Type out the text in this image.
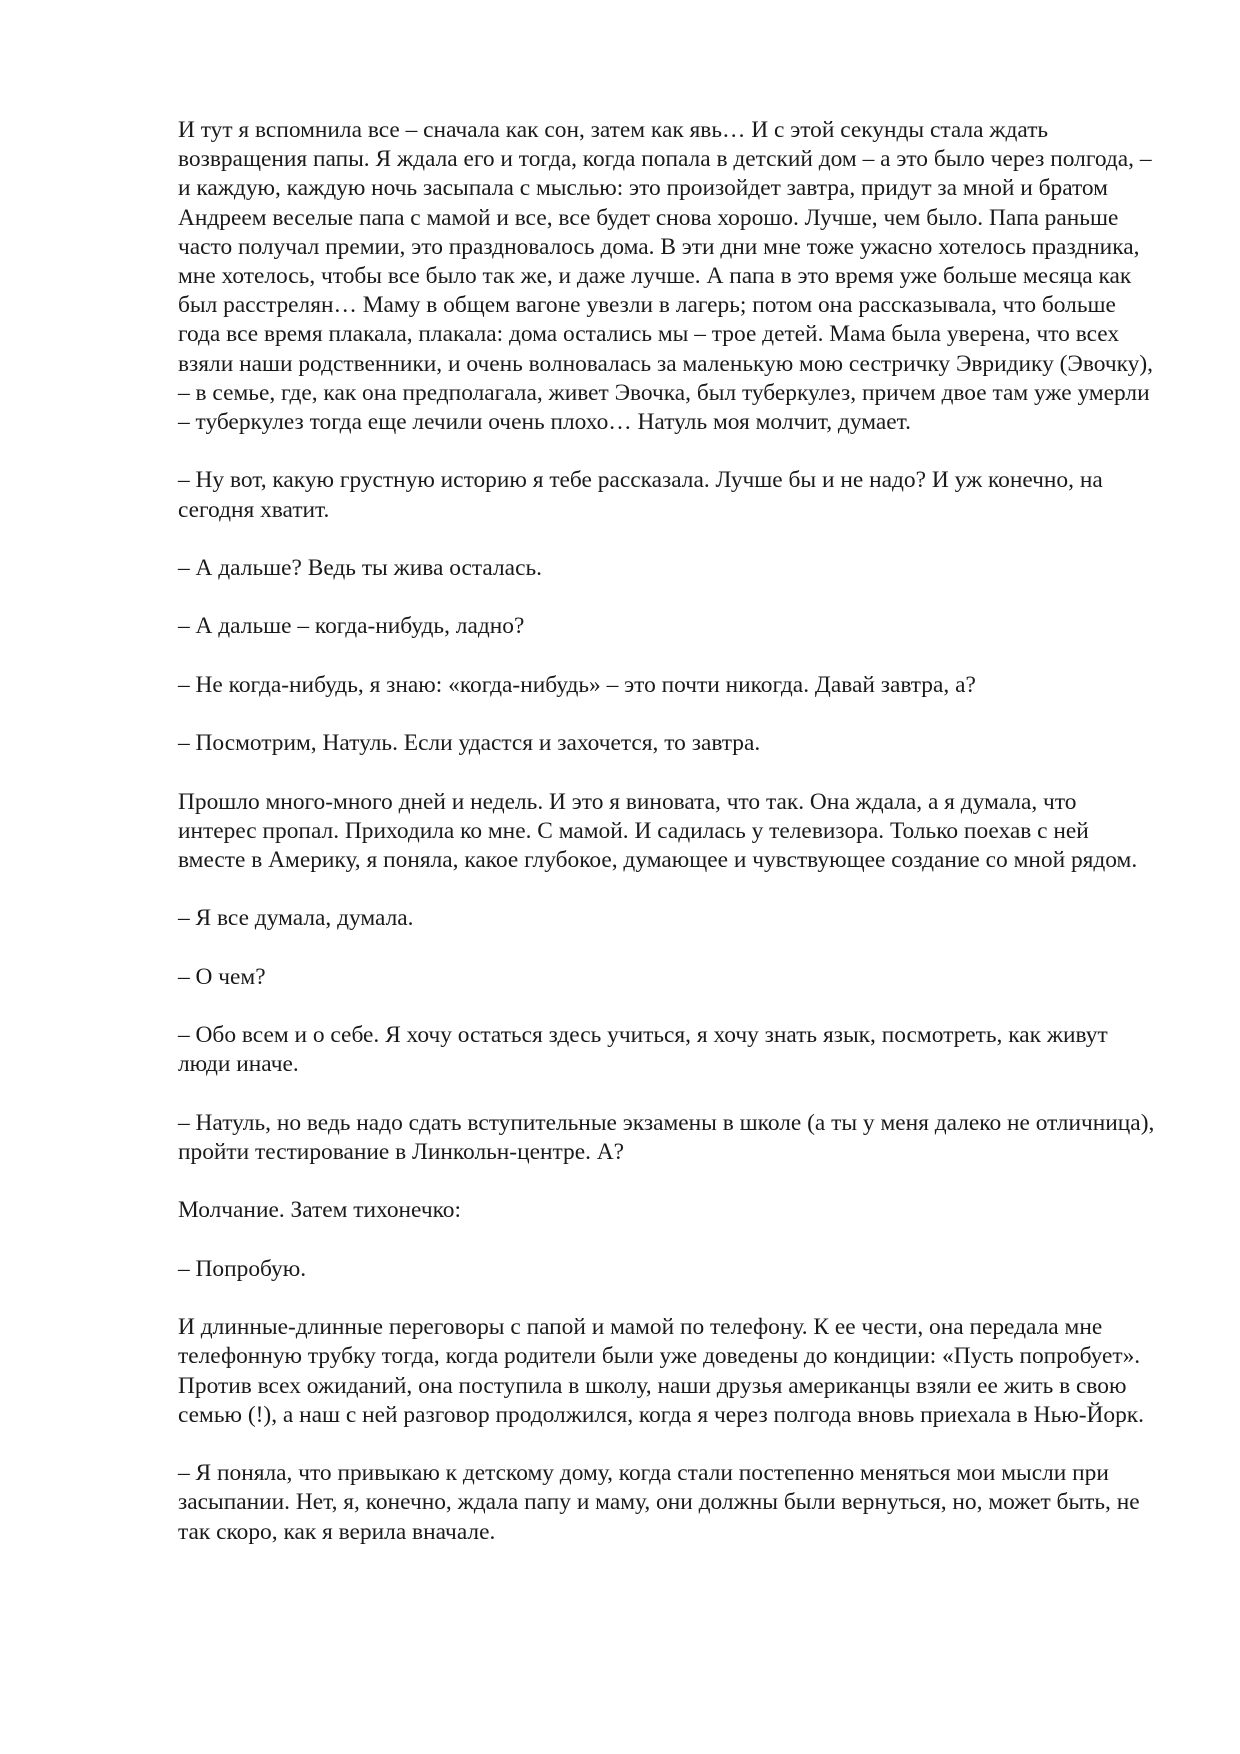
И тут я вспомнила все – сначала как сон, затем как явь… И с этой секунды стала ждать возвращения папы. Я ждала его и тогда, когда попала в детский дом – а это было через полгода, – и каждую, каждую ночь засыпала с мыслью: это произойдет завтра, придут за мной и братом Андреем веселые папа с мамой и все, все будет снова хорошо. Лучше, чем было. Папа раньше часто получал премии, это праздновалось дома. В эти дни мне тоже ужасно хотелось праздника, мне хотелось, чтобы все было так же, и даже лучше. А папа в это время уже больше месяца как был расстрелян… Маму в общем вагоне увезли в лагерь; потом она рассказывала, что больше года все время плакала, плакала: дома остались мы – трое детей. Мама была уверена, что всех взяли наши родственники, и очень волновалась за маленькую мою сестричку Эвридику (Эвочку), – в семье, где, как она предполагала, живет Эвочка, был туберкулез, причем двое там уже умерли – туберкулез тогда еще лечили очень плохо… Натуль моя молчит, думает.

– Ну вот, какую грустную историю я тебе рассказала. Лучше бы и не надо? И уж конечно, на сегодня хватит.

– А дальше? Ведь ты жива осталась.

– А дальше – когда-нибудь, ладно?

– Не когда-нибудь, я знаю: «когда-нибудь» – это почти никогда. Давай завтра, а?

– Посмотрим, Натуль. Если удастся и захочется, то завтра.

Прошло много-много дней и недель. И это я виновата, что так. Она ждала, а я думала, что интерес пропал. Приходила ко мне. С мамой. И садилась у телевизора. Только поехав с ней вместе в Америку, я поняла, какое глубокое, думающее и чувствующее создание со мной рядом.

– Я все думала, думала.

– О чем?

– Обо всем и о себе. Я хочу остаться здесь учиться, я хочу знать язык, посмотреть, как живут люди иначе.

– Натуль, но ведь надо сдать вступительные экзамены в школе (а ты у меня далеко не отличница), пройти тестирование в Линкольн-центре. А?

Молчание. Затем тихонечко:

– Попробую.

И длинные-длинные переговоры с папой и мамой по телефону. К ее чести, она передала мне телефонную трубку тогда, когда родители были уже доведены до кондиции: «Пусть попробует». Против всех ожиданий, она поступила в школу, наши друзья американцы взяли ее жить в свою семью (!), а наш с ней разговор продолжился, когда я через полгода вновь приехала в Нью-Йорк.

– Я поняла, что привыкаю к детскому дому, когда стали постепенно меняться мои мысли при засыпании. Нет, я, конечно, ждала папу и маму, они должны были вернуться, но, может быть, не так скоро, как я верила вначале.
